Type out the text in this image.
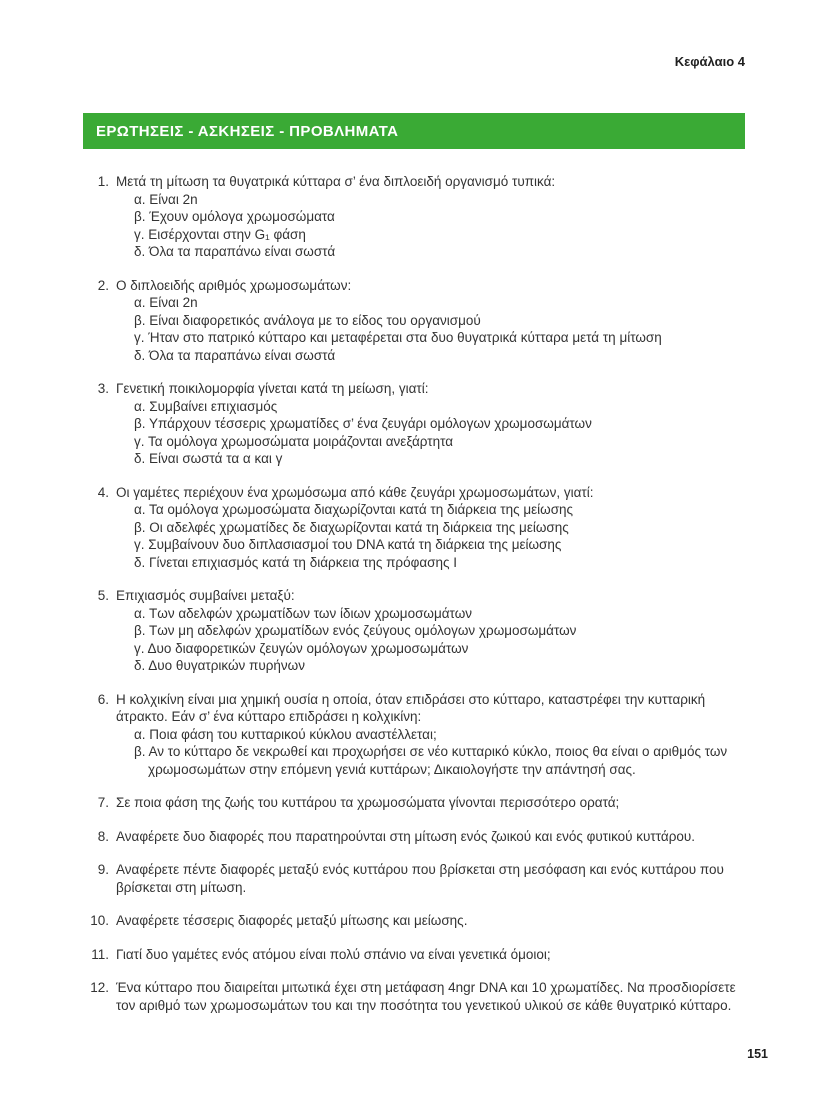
Κεφάλαιο 4
ΕΡΩΤΗΣΕΙΣ - ΑΣΚΗΣΕΙΣ - ΠΡΟΒΛΗΜΑΤΑ
1. Μετά τη μίτωση τα θυγατρικά κύτταρα σ’ ένα διπλοειδή οργανισμό τυπικά:
α. Είναι 2n
β. Έχουν ομόλογα χρωμοσώματα
γ. Εισέρχονται στην G₁ φάση
δ. Όλα τα παραπάνω είναι σωστά
2. Ο διπλοειδής αριθμός χρωμοσωμάτων:
α. Είναι 2n
β. Είναι διαφορετικός ανάλογα με το είδος του οργανισμού
γ. Ήταν στο πατρικό κύτταρο και μεταφέρεται στα δυο θυγατρικά κύτταρα μετά τη μίτωση
δ. Όλα τα παραπάνω είναι σωστά
3. Γενετική ποικιλομορφία γίνεται κατά τη μείωση, γιατί:
α. Συμβαίνει επιχιασμός
β. Υπάρχουν τέσσερις χρωματίδες σ’ ένα ζευγάρι ομόλογων χρωμοσωμάτων
γ. Τα ομόλογα χρωμοσώματα μοιράζονται ανεξάρτητα
δ. Είναι σωστά τα α και γ
4. Οι γαμέτες περιέχουν ένα χρωμόσωμα από κάθε ζευγάρι χρωμοσωμάτων, γιατί:
α. Τα ομόλογα χρωμοσώματα διαχωρίζονται κατά τη διάρκεια της μείωσης
β. Οι αδελφές χρωματίδες δε διαχωρίζονται κατά τη διάρκεια της μείωσης
γ. Συμβαίνουν δυο διπλασιασμοί του DNA κατά τη διάρκεια της μείωσης
δ. Γίνεται επιχιασμός κατά τη διάρκεια της πρόφασης I
5. Επιχιασμός συμβαίνει μεταξύ:
α. Των αδελφών χρωματίδων των ίδιων χρωμοσωμάτων
β. Των μη αδελφών χρωματίδων ενός ζεύγους ομόλογων χρωμοσωμάτων
γ. Δυο διαφορετικών ζευγών ομόλογων χρωμοσωμάτων
δ. Δυο θυγατρικών πυρήνων
6. Η κολχικίνη είναι μια χημική ουσία η οποία, όταν επιδράσει στο κύτταρο, καταστρέφει την κυτταρική άτρακτο. Εάν σ’ ένα κύτταρο επιδράσει η κολχικίνη:
α. Ποια φάση του κυτταρικού κύκλου αναστέλλεται;
β. Αν το κύτταρο δε νεκρωθεί και προχωρήσει σε νέο κυτταρικό κύκλο, ποιος θα είναι ο αριθμός των χρωμοσωμάτων στην επόμενη γενιά κυττάρων; Δικαιολογήστε την απάντησή σας.
7. Σε ποια φάση της ζωής του κυττάρου τα χρωμοσώματα γίνονται περισσότερο ορατά;
8. Αναφέρετε δυο διαφορές που παρατηρούνται στη μίτωση ενός ζωικού και ενός φυτικού κυττάρου.
9. Αναφέρετε πέντε διαφορές μεταξύ ενός κυττάρου που βρίσκεται στη μεσόφαση και ενός κυττάρου που βρίσκεται στη μίτωση.
10. Αναφέρετε τέσσερις διαφορές μεταξύ μίτωσης και μείωσης.
11. Γιατί δυο γαμέτες ενός ατόμου είναι πολύ σπάνιο να είναι γενετικά όμοιοι;
12. Ένα κύτταρο που διαιρείται μιτωτικά έχει στη μετάφαση 4ngr DNA και 10 χρωματίδες. Να προσδιορίσετε τον αριθμό των χρωμοσωμάτων του και την ποσότητα του γενετικού υλικού σε κάθε θυγατρικό κύτταρο.
151
